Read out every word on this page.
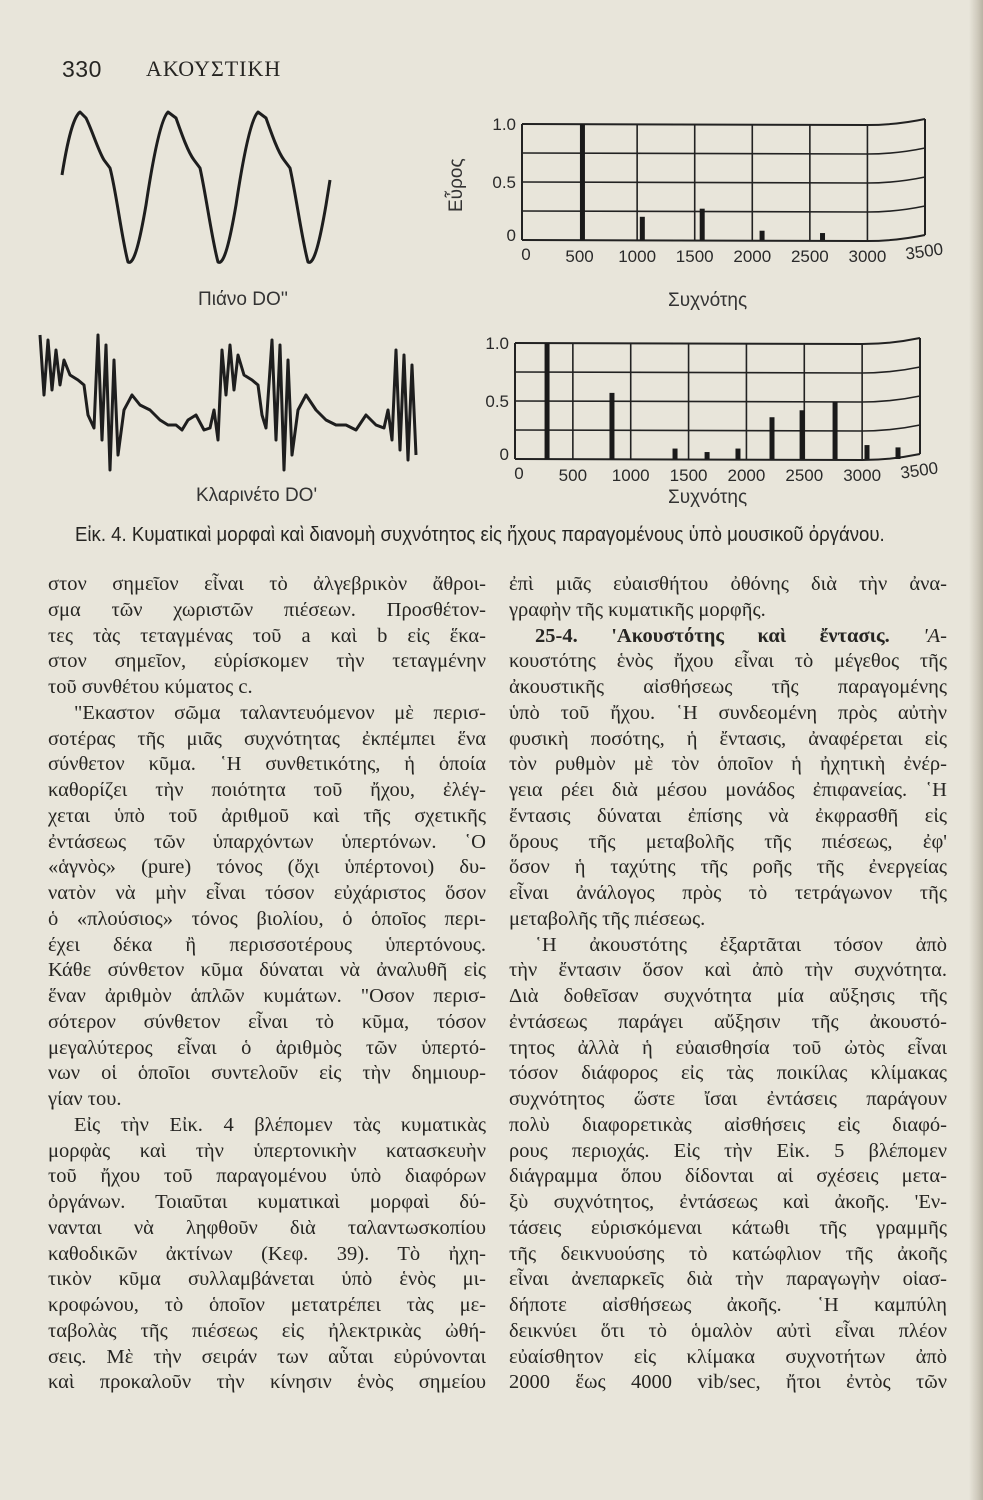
330 ΑΚΟΥΣΤΙΚΗ
0 500 1000 1500 2000 2500 3000 3500
0
0.5
1.0
0 500 1000 1500 2000 2500 3000 3500
0
0.5
1.0
Εὖρος
Πιάνο DO''
Κλαρινέτο DO'
Συχνότης
Συχνότης
Εἰκ. 4. Κυματικαὶ μορφαὶ καὶ διανομὴ συχνότητος εἰς ἤχους παραγομένους ὑπὸ μουσικοῦ ὀργάνου.
στον σημεῖον εἶναι τὸ ἀλγεβρικὸν ἄθροι-
σμα τῶν χωριστῶν πιέσεων. Προσθέτον-
τες τὰς τεταγμένας τοῦ a καὶ b εἰς ἕκα-
στον σημεῖον, εὑρίσκομεν τὴν τεταγμένην
τοῦ συνθέτου κύματος c.
"Εκαστον σῶμα ταλαντευόμενον μὲ περισ-
σοτέρας τῆς μιᾶς συχνότητας ἐκπέμπει ἕνα
σύνθετον κῦμα. ῾Η συνθετικότης, ἡ ὁποία
καθορίζει τὴν ποιότητα τοῦ ἤχου, ἐλέγ-
χεται ὑπὸ τοῦ ἀριθμοῦ καὶ τῆς σχετικῆς
ἐντάσεως τῶν ὑπαρχόντων ὑπερτόνων. ῾Ο
«ἁγνὸς» (pure) τόνος (ὄχι ὑπέρτονοι) δυ-
νατὸν νὰ μὴν εἶναι τόσον εὐχάριστος ὅσον
ὁ «πλούσιος» τόνος βιολίου, ὁ ὁποῖος περι-
έχει δέκα ἢ περισσοτέρους ὑπερτόνους.
Κάθε σύνθετον κῦμα δύναται νὰ ἀναλυθῆ εἰς
ἕναν ἀριθμὸν ἁπλῶν κυμάτων. "Οσον περισ-
σότερον σύνθετον εἶναι τὸ κῦμα, τόσον
μεγαλύτερος εἶναι ὁ ἀριθμὸς τῶν ὑπερτό-
νων οἱ ὁποῖοι συντελοῦν εἰς τὴν δημιουρ-
γίαν του.
Εἰς τὴν Εἰκ. 4 βλέπομεν τὰς κυματικὰς
μορφὰς καὶ τὴν ὑπερτονικὴν κατασκευὴν
τοῦ ἤχου τοῦ παραγομένου ὑπὸ διαφόρων
ὀργάνων. Τοιαῦται κυματικαὶ μορφαὶ δύ-
νανται νὰ ληφθοῦν διὰ ταλαντωσκοπίου
καθοδικῶν ἀκτίνων (Κεφ. 39). Τὸ ἠχη-
τικὸν κῦμα συλλαμβάνεται ὑπὸ ἑνὸς μι-
κροφώνου, τὸ ὁποῖον μετατρέπει τὰς με-
ταβολὰς τῆς πιέσεως εἰς ἠλεκτρικὰς ὠθή-
σεις. Μὲ τὴν σειράν των αὗται εὐρύνονται
καὶ προκαλοῦν τὴν κίνησιν ἑνὸς σημείου
ἐπὶ μιᾶς εὐαισθήτου ὀθόνης διὰ τὴν ἀνα-
γραφὴν τῆς κυματικῆς μορφῆς.
25-4. 'Ακουστότης καὶ ἔντασις. 'Α-
κουστότης ἑνὸς ἤχου εἶναι τὸ μέγεθος τῆς
ἀκουστικῆς αἰσθήσεως τῆς παραγομένης
ὑπὸ τοῦ ἤχου. ῾Η συνδεομένη πρὸς αὐτὴν
φυσικὴ ποσότης, ἡ ἔντασις, ἀναφέρεται εἰς
τὸν ρυθμὸν μὲ τὸν ὁποῖον ἡ ἠχητικὴ ἐνέρ-
γεια ρέει διὰ μέσου μονάδος ἐπιφανείας. ῾Η
ἔντασις δύναται ἐπίσης νὰ ἐκφρασθῆ εἰς
ὅρους τῆς μεταβολῆς τῆς πιέσεως, ἐφ'
ὅσον ἡ ταχύτης τῆς ροῆς τῆς ἐνεργείας
εἶναι ἀνάλογος πρὸς τὸ τετράγωνον τῆς
μεταβολῆς τῆς πιέσεως.
῾Η ἀκουστότης ἐξαρτᾶται τόσον ἀπὸ
τὴν ἔντασιν ὅσον καὶ ἀπὸ τὴν συχνότητα.
Διὰ δοθεῖσαν συχνότητα μία αὔξησις τῆς
ἐντάσεως παράγει αὔξησιν τῆς ἀκουστό-
τητος ἀλλὰ ἡ εὐαισθησία τοῦ ὠτὸς εἶναι
τόσον διάφορος εἰς τὰς ποικίλας κλίμακας
συχνότητος ὥστε ἴσαι ἐντάσεις παράγουν
πολὺ διαφορετικὰς αἰσθήσεις εἰς διαφό-
ρους περιοχάς. Εἰς τὴν Εἰκ. 5 βλέπομεν
διάγραμμα ὅπου δίδονται αἱ σχέσεις μετα-
ξὺ συχνότητος, ἐντάσεως καὶ ἀκοῆς. 'Εν-
τάσεις εὑρισκόμεναι κάτωθι τῆς γραμμῆς
τῆς δεικνυούσης τὸ κατώφλιον τῆς ἀκοῆς
εἶναι ἀνεπαρκεῖς διὰ τὴν παραγωγὴν οἱασ-
δήποτε αἰσθήσεως ἀκοῆς. ῾Η καμπύλη
δεικνύει ὅτι τὸ ὁμαλὸν αὐτὶ εἶναι πλέον
εὐαίσθητον εἰς κλίμακα συχνοτήτων ἀπὸ
2000 ἕως 4000 vib/sec, ἤτοι ἐντὸς τῶν
